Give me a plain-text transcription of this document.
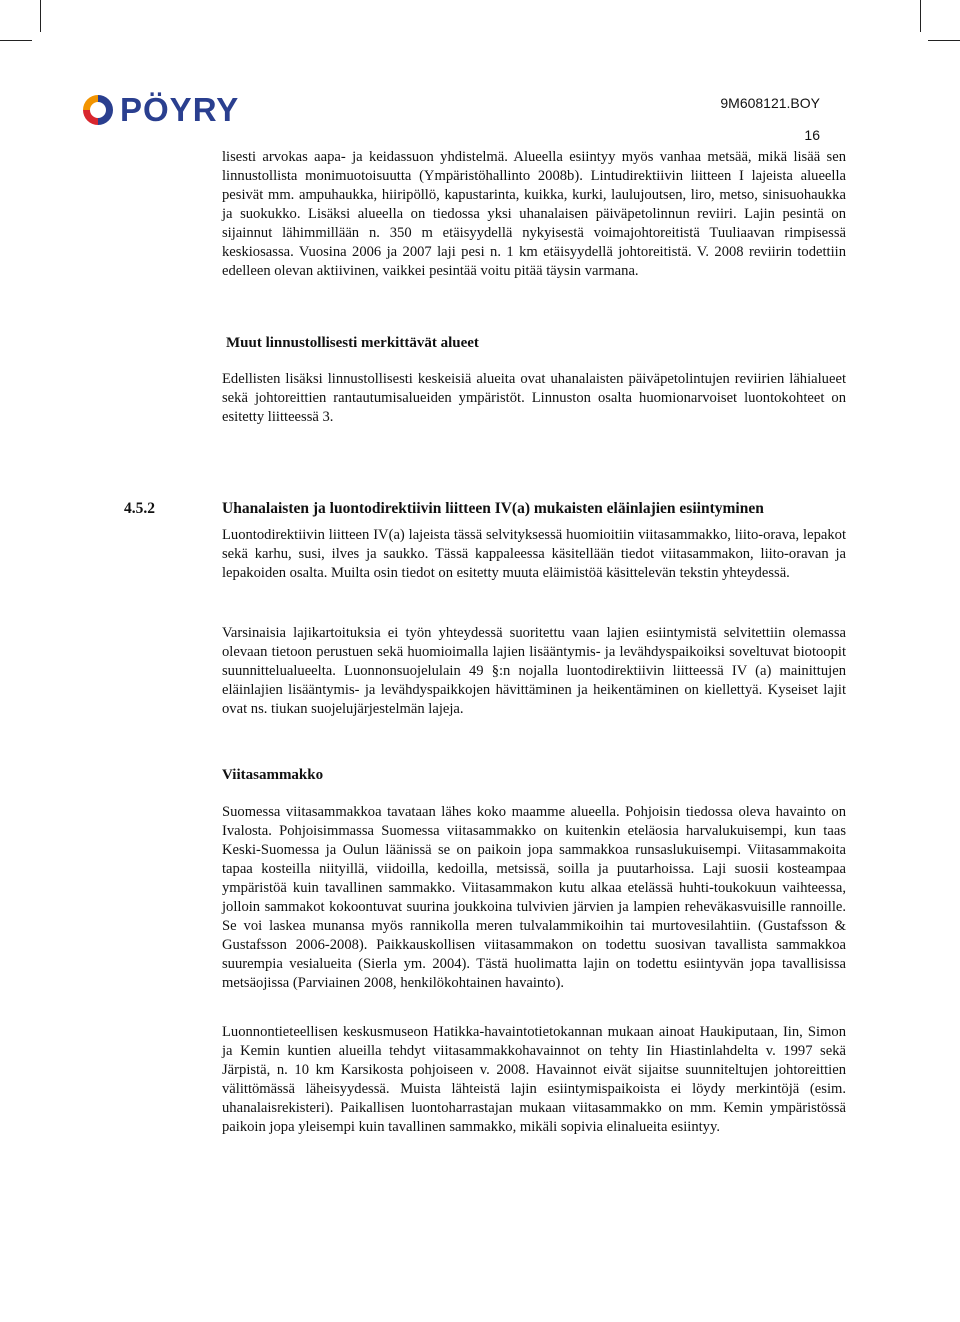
PÖYRY	9M608121.BOY
16

lisesti arvokas aapa- ja keidassuon yhdistelmä. Alueella esiintyy myös vanhaa metsää, mikä lisää sen linnustollista monimuotoisuutta (Ympäristöhallinto 2008b). Lintudirektiivin liitteen I lajeista alueella pesivät mm. ampuhaukka, hiiripöllö, kapustarinta, kuikka, kurki, laulujoutsen, liro, metso, sinisuohaukka ja suokukko. Lisäksi alueella on tiedossa yksi uhanalaisen päiväpetolinnun reviiri. Lajin pesintä on sijainnut lähimmillään n. 350 m etäisyydellä nykyisestä voimajohtoreitistä Tuuliaavan rimpisessä keskiosassa. Vuosina 2006 ja 2007 laji pesi n. 1 km etäisyydellä johtoreitistä. V. 2008 reviirin todettiin edelleen olevan aktiivinen, vaikkei pesintää voitu pitää täysin varmana.

Muut linnustollisesti merkittävät alueet

Edellisten lisäksi linnustollisesti keskeisiä alueita ovat uhanalaisten päiväpetolintujen reviirien lähialueet sekä johtoreittien rantautumisalueiden ympäristöt. Linnuston osalta huomionarvoiset luontokohteet on esitetty liitteessä 3.

4.5.2	Uhanalaisten ja luontodirektiivin liitteen IV(a) mukaisten eläinlajien esiintyminen

Luontodirektiivin liitteen IV(a) lajeista tässä selvityksessä huomioitiin viitasammakko, liito-orava, lepakot sekä karhu, susi, ilves ja saukko. Tässä kappaleessa käsitellään tiedot viitasammakon, liito-oravan ja lepakoiden osalta. Muilta osin tiedot on esitetty muuta eläimistöä käsittelevän tekstin yhteydessä.

Varsinaisia lajikartoituksia ei työn yhteydessä suoritettu vaan lajien esiintymistä selvitettiin olemassa olevaan tietoon perustuen sekä huomioimalla lajien lisääntymis- ja levähdyspaikoiksi soveltuvat biotoopit suunnittelualueelta. Luonnonsuojelulain 49 §:n nojalla luontodirektiivin liitteessä IV (a) mainittujen eläinlajien lisääntymis- ja levähdyspaikkojen hävittäminen ja heikentäminen on kiellettyä. Kyseiset lajit ovat ns. tiukan suojelujärjestelmän lajeja.

Viitasammakko

Suomessa viitasammakkoa tavataan lähes koko maamme alueella. Pohjoisin tiedossa oleva havainto on Ivalosta. Pohjoisimmassa Suomessa viitasammakko on kuitenkin eteläosia harvalukuisempi, kun taas Keski-Suomessa ja Oulun läänissä se on paikoin jopa sammakkoa runsaslukuisempi. Viitasammakoita tapaa kosteilla niityillä, viidoilla, kedoilla, metsissä, soilla ja puutarhoissa. Laji suosii kosteampaa ympäristöä kuin tavallinen sammakko. Viitasammakon kutu alkaa etelässä huhti-toukokuun vaihteessa, jolloin sammakot kokoontuvat suurina joukkoina tulvivien järvien ja lampien reheväkasvuisille rannoille. Se voi laskea munansa myös rannikolla meren tulvalammikoihin tai murtovesilahtiin. (Gustafsson & Gustafsson 2006-2008). Paikkauskollisen viitasammakon on todettu suosivan tavallista sammakkoa suurempia vesialueita (Sierla ym. 2004). Tästä huolimatta lajin on todettu esiintyvän jopa tavallisissa metsäojissa (Parviainen 2008, henkilökohtainen havainto).

Luonnontieteellisen keskusmuseon Hatikka-havaintotietokannan mukaan ainoat Haukiputaan, Iin, Simon ja Kemin kuntien alueilla tehdyt viitasammakkohavainnot on tehty Iin Hiastinlahdelta v. 1997 sekä Järpistä, n. 10 km Karsikosta pohjoiseen v. 2008. Havainnot eivät sijaitse suunniteltujen johtoreittien välittömässä läheisyydessä. Muista lähteistä lajin esiintymispaikoista ei löydy merkintöjä (esim. uhanalaisrekisteri). Paikallisen luontoharrastajan mukaan viitasammakko on mm. Kemin ympäristössä paikoin jopa yleisempi kuin tavallinen sammakko, mikäli sopivia elinalueita esiintyy.
